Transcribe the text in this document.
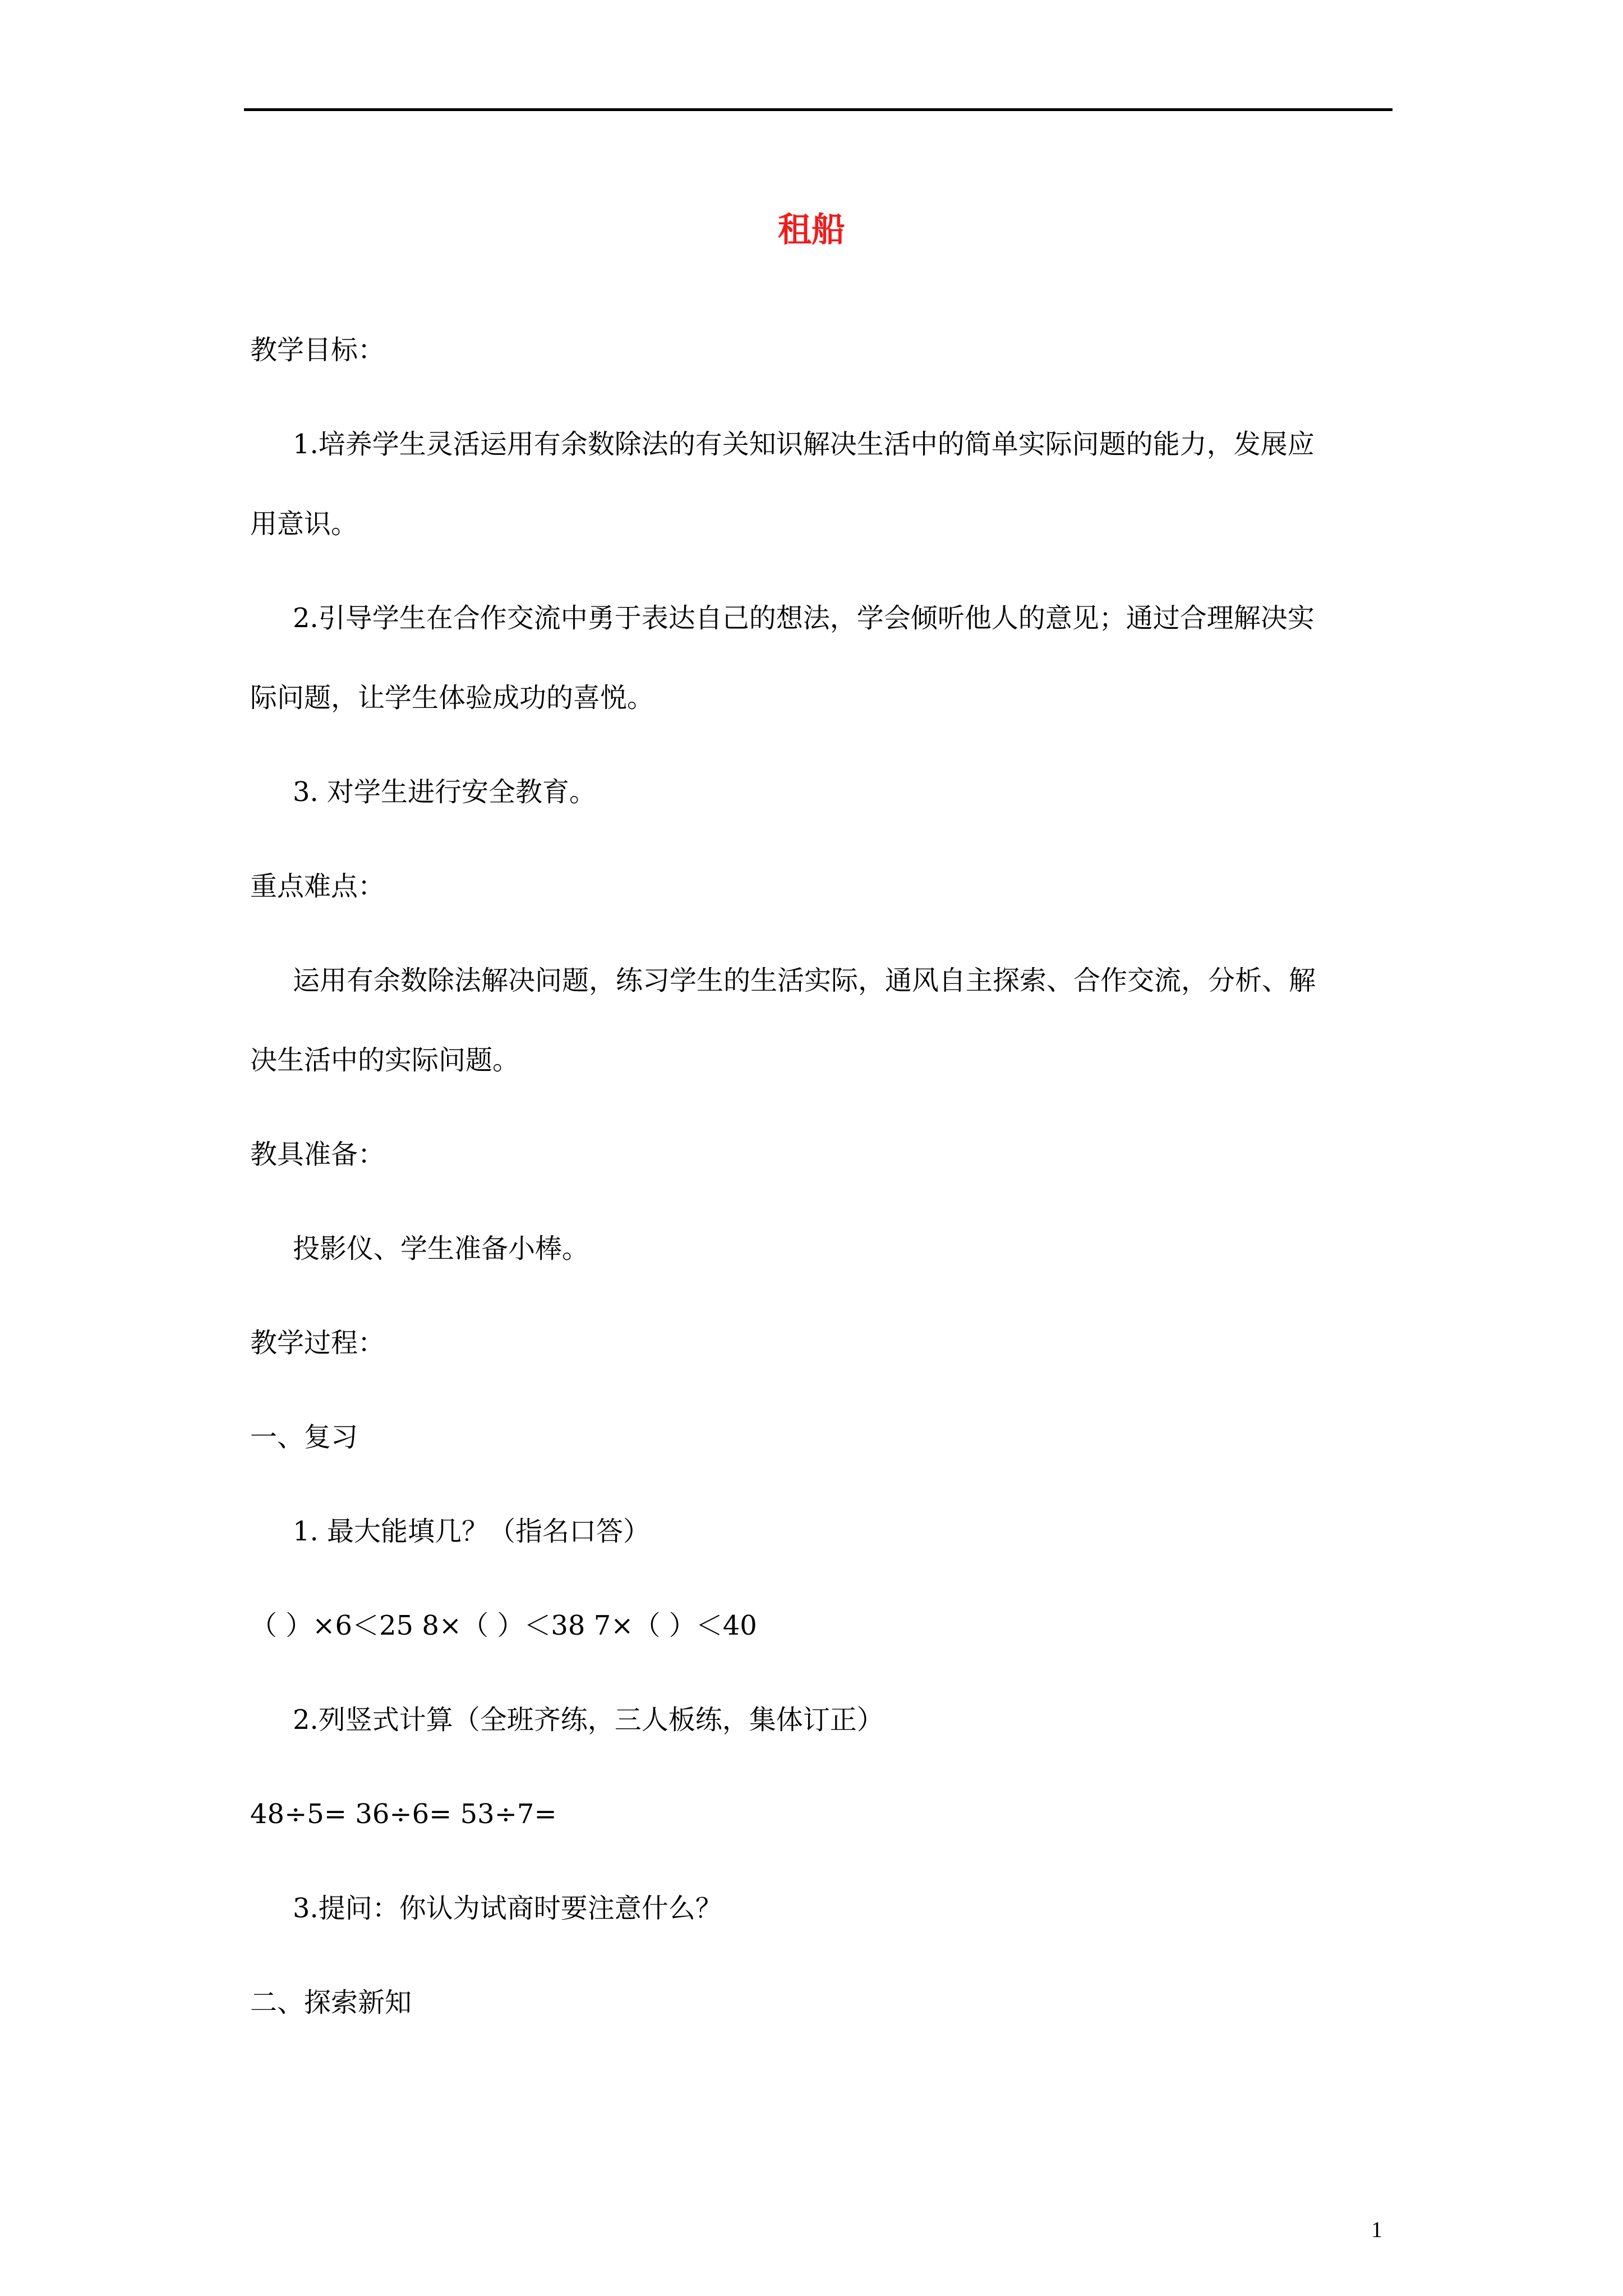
租船
教学目标：
1.培养学生灵活运用有余数除法的有关知识解决生活中的简单实际问题的能力，发展应
用意识。
2.引导学生在合作交流中勇于表达自己的想法，学会倾听他人的意见；通过合理解决实
际问题，让学生体验成功的喜悦。
3. 对学生进行安全教育。
重点难点：
运用有余数除法解决问题，练习学生的生活实际，通风自主探索、合作交流，分析、解
决生活中的实际问题。
教具准备：
投影仪、学生准备小棒。
教学过程：
一、复习
1. 最大能填几？（指名口答）
（ ）×6＜25 8×（ ）＜38 7×（ ）＜40
2.列竖式计算（全班齐练，三人板练，集体订正）
48÷5= 36÷6= 53÷7=
3.提问：你认为试商时要注意什么？
二、探索新知
1
